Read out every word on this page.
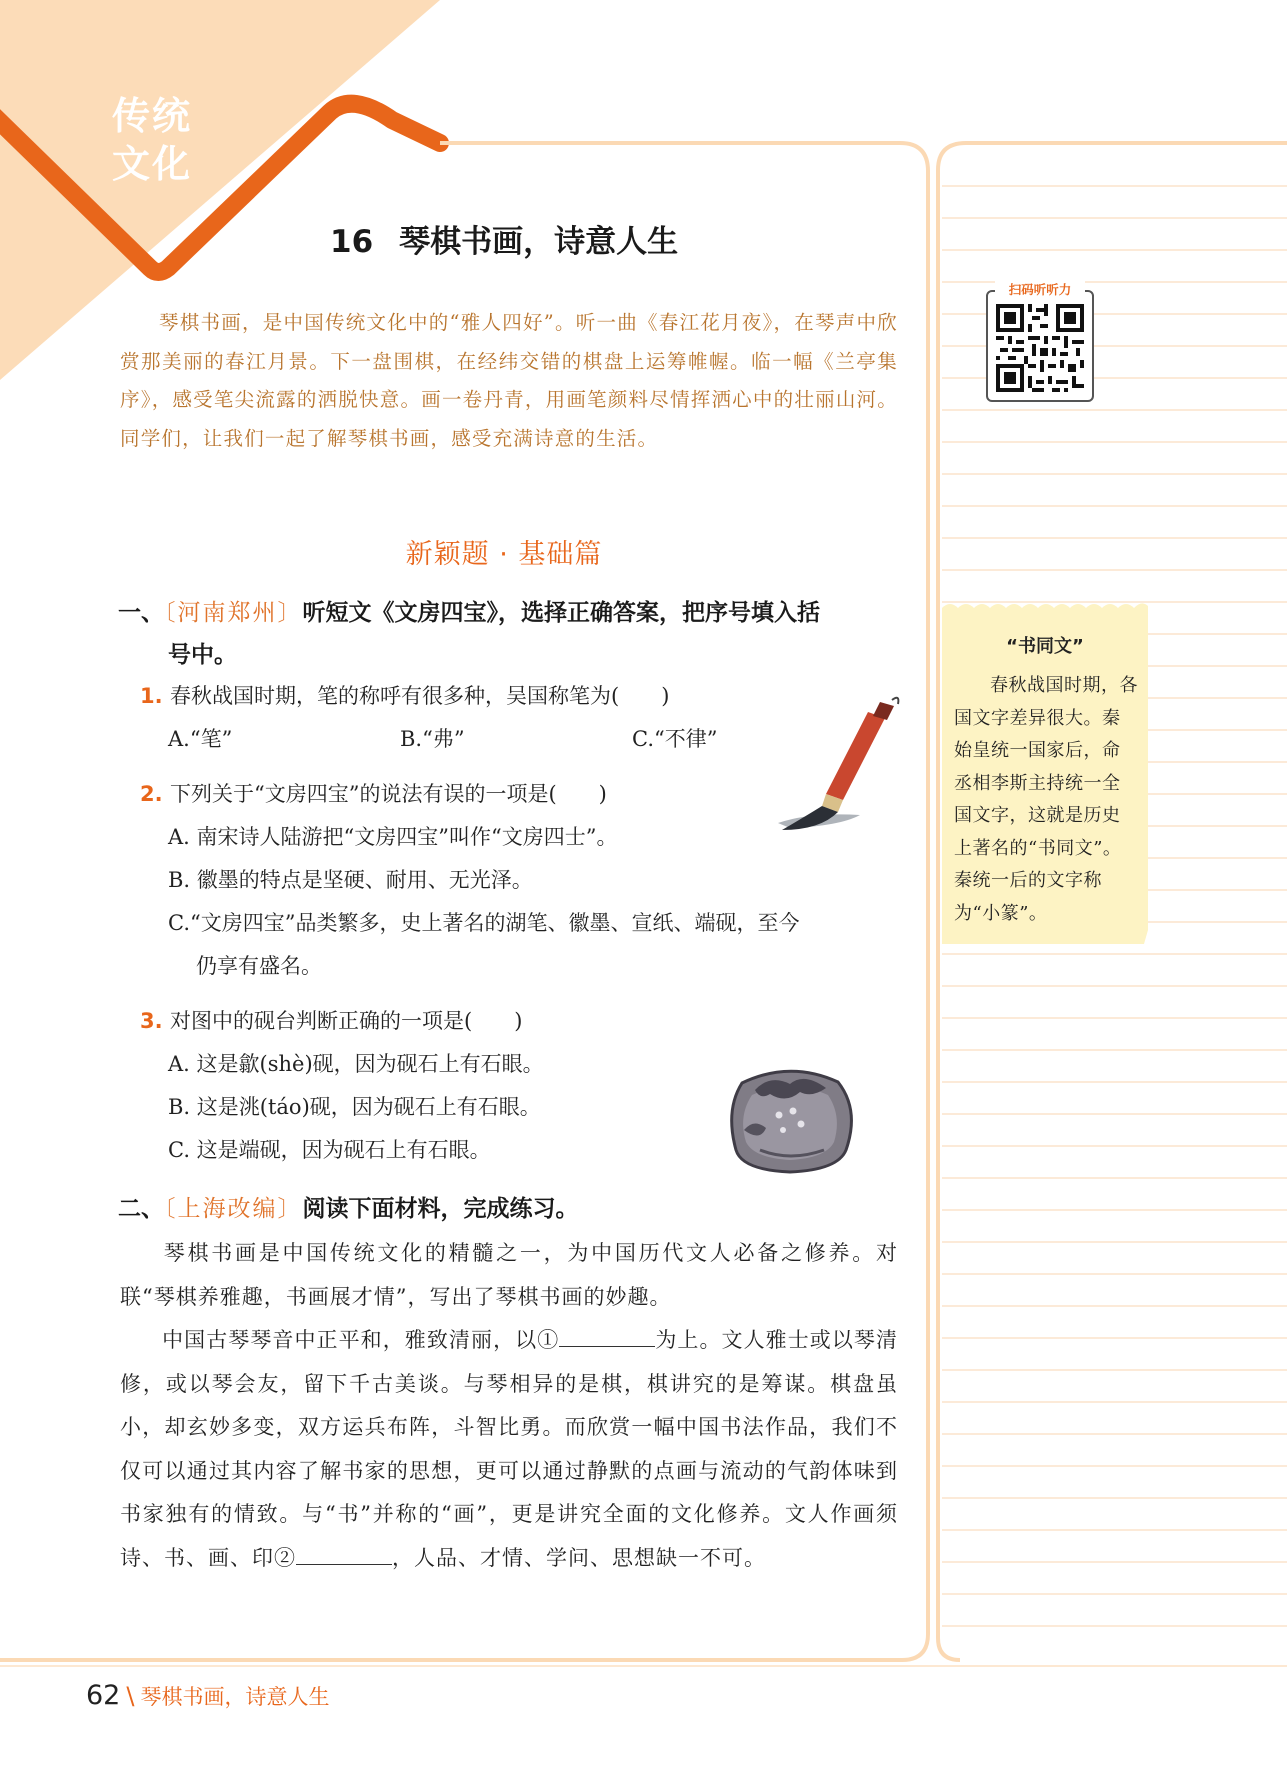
传统
文化
16 琴棋书画，诗意人生
扫码听听力
琴棋书画，是中国传统文化中的“雅人四好”。听一曲《春江花月夜》，在琴声中欣赏那美丽的春江月景。下一盘围棋，在经纬交错的棋盘上运筹帷幄。临一幅《兰亭集序》，感受笔尖流露的洒脱快意。画一卷丹青，用画笔颜料尽情挥洒心中的壮丽山河。同学们，让我们一起了解琴棋书画，感受充满诗意的生活。
新颖题 · 基础篇
一、〔河南郑州〕听短文《文房四宝》，选择正确答案，把序号填入括
号中。
1. 春秋战国时期，笔的称呼有很多种，吴国称笔为(　　)
A.“笔”	B.“弗”	C.“不律”
2. 下列关于“文房四宝”的说法有误的一项是(　　)
A. 南宋诗人陆游把“文房四宝”叫作“文房四士”。
B. 徽墨的特点是坚硬、耐用、无光泽。
C.“文房四宝”品类繁多，史上著名的湖笔、徽墨、宣纸、端砚，至今
仍享有盛名。
3. 对图中的砚台判断正确的一项是(　　)
A. 这是歙(shè)砚，因为砚石上有石眼。
B. 这是洮(táo)砚，因为砚石上有石眼。
C. 这是端砚，因为砚石上有石眼。
二、〔上海改编〕阅读下面材料，完成练习。
琴棋书画是中国传统文化的精髓之一，为中国历代文人必备之修养。对联“琴棋养雅趣，书画展才情”，写出了琴棋书画的妙趣。
中国古琴琴音中正平和，雅致清丽，以①	为上。文人雅士或以琴清修，或以琴会友，留下千古美谈。与琴相异的是棋，棋讲究的是筹谋。棋盘虽小，却玄妙多变，双方运兵布阵，斗智比勇。而欣赏一幅中国书法作品，我们不仅可以通过其内容了解书家的思想，更可以通过静默的点画与流动的气韵体味到书家独有的情致。与“书”并称的“画”，更是讲究全面的文化修养。文人作画须诗、书、画、印②	，人品、才情、学问、思想缺一不可。
“书同文”
春秋战国时期，各国文字差异很大。秦始皇统一国家后，命丞相李斯主持统一全国文字，这就是历史上著名的“书同文”。秦统一后的文字称为“小篆”。
62 \ 琴棋书画，诗意人生
